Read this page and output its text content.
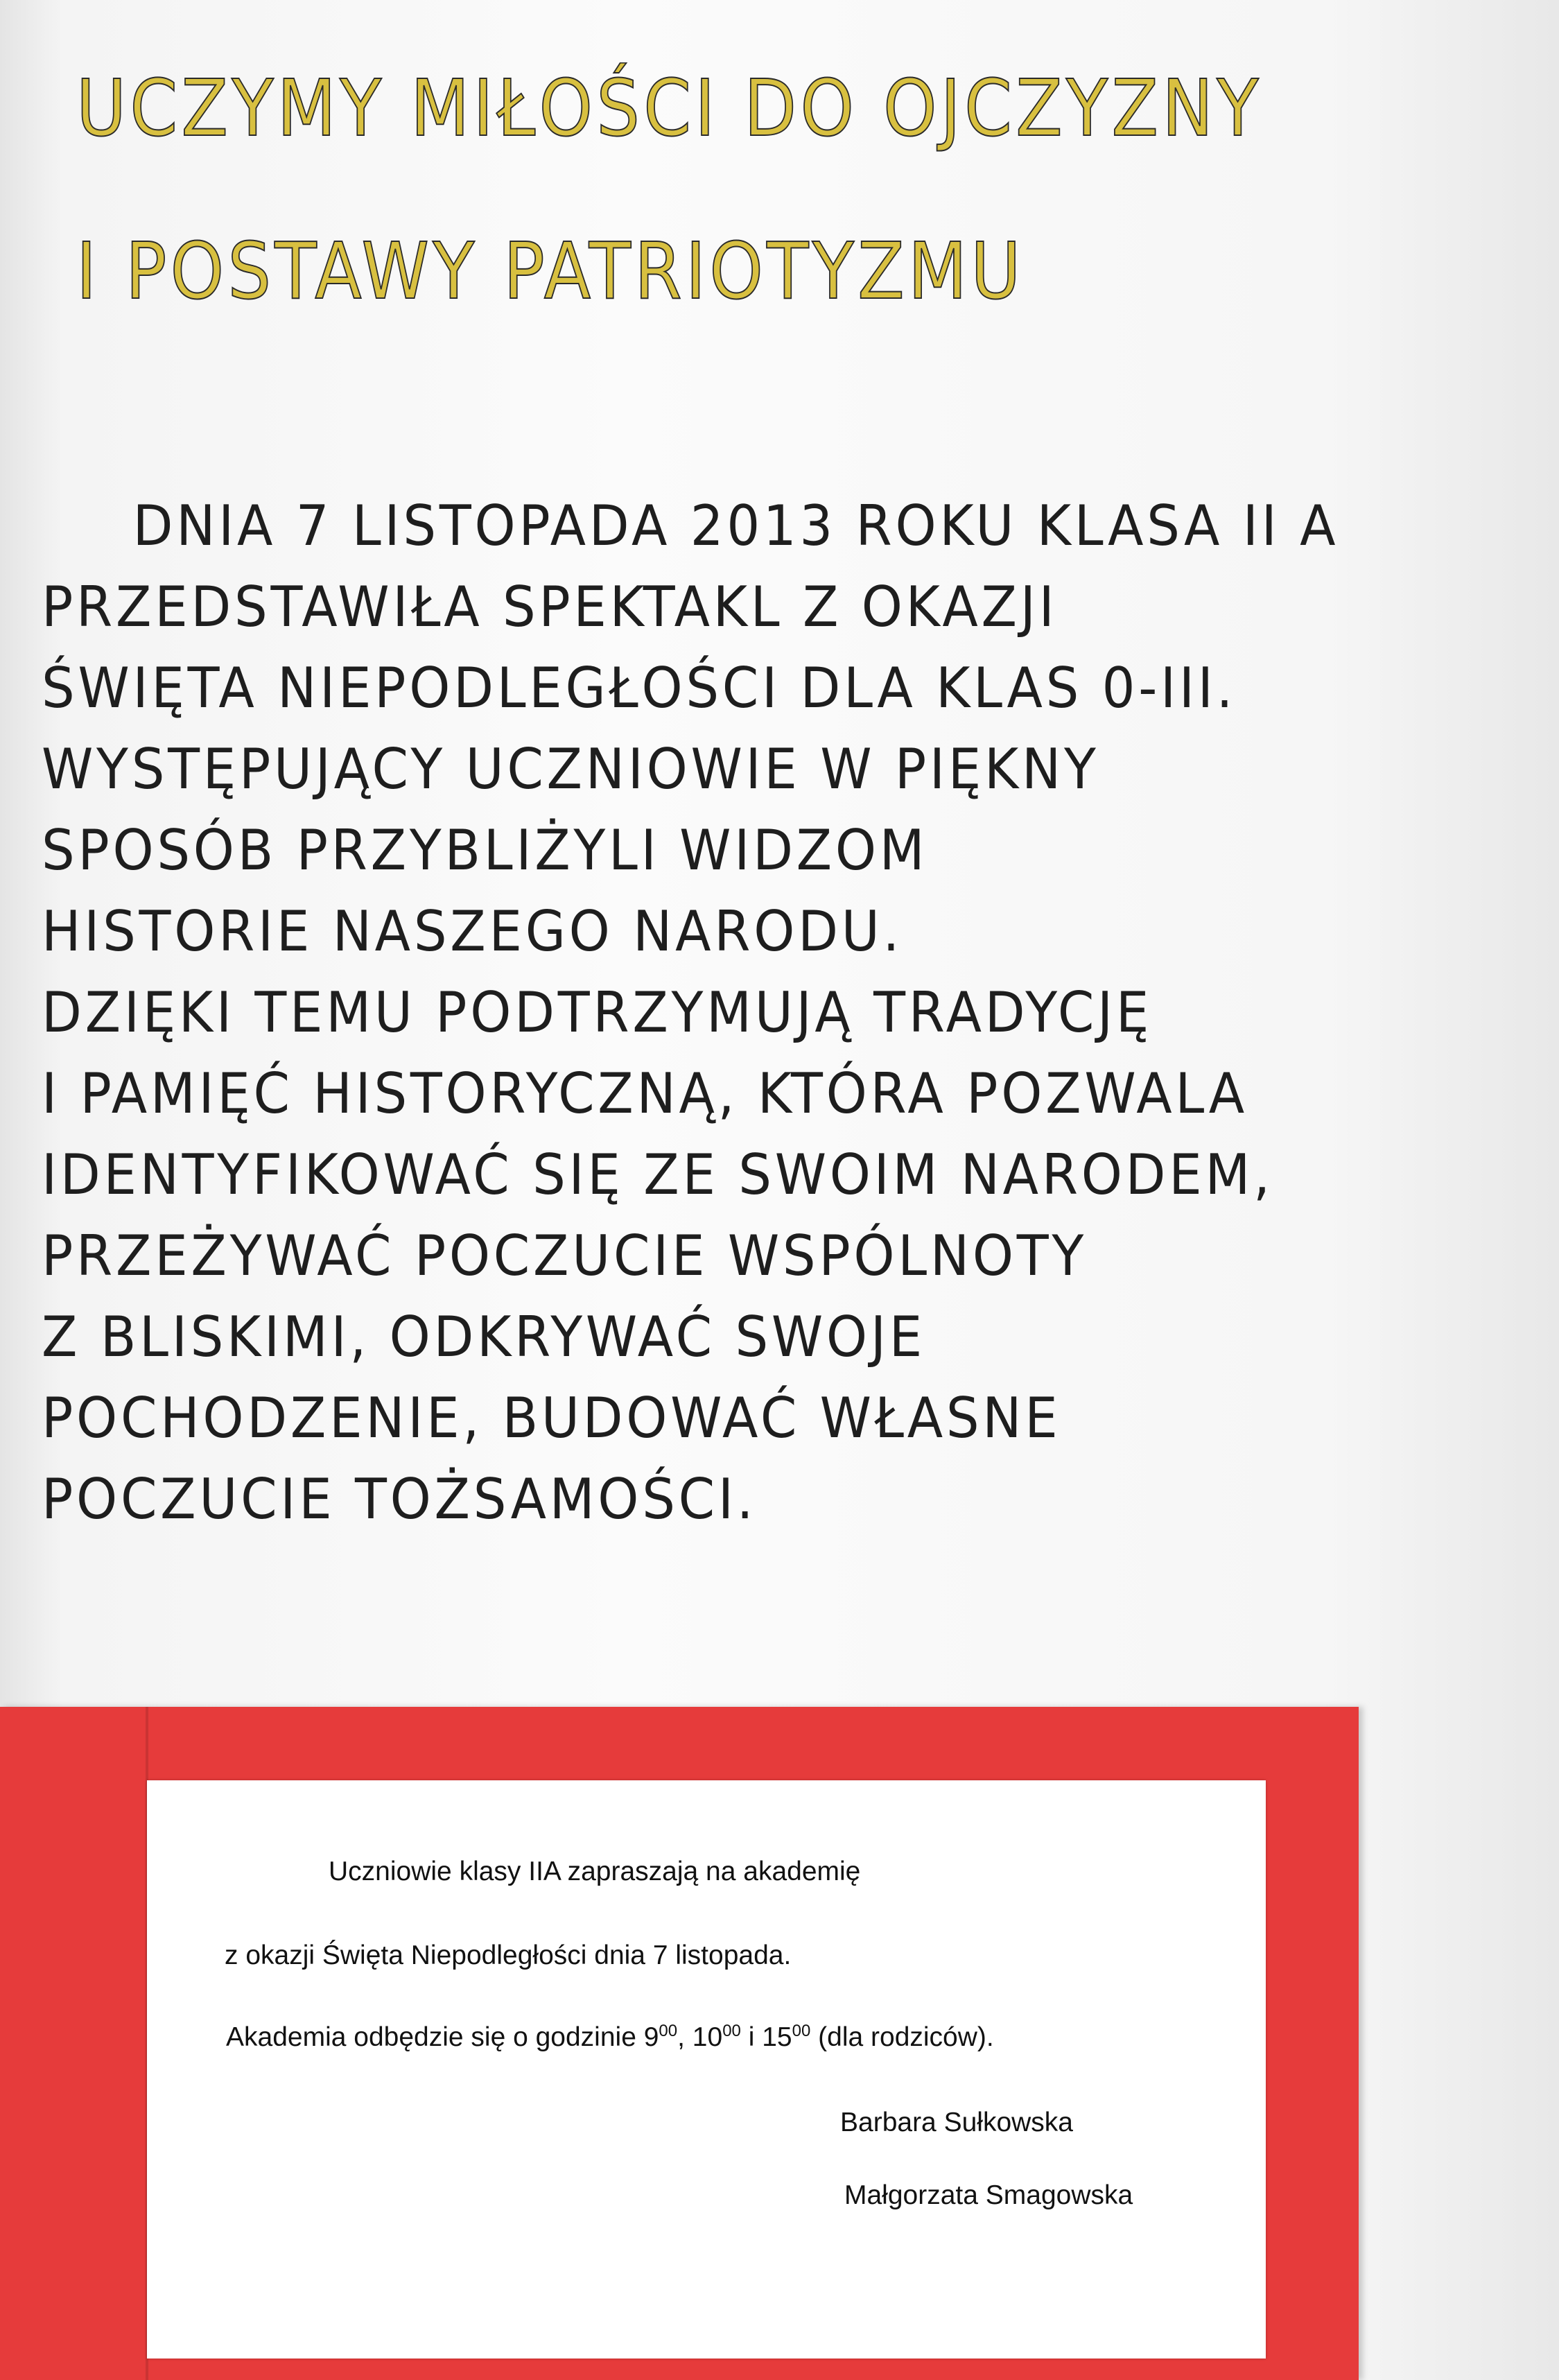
UCZYMY MIŁOŚCI DO OJCZYZNY
I POSTAWY PATRIOTYZMU
DNIA 7 LISTOPADA 2013 ROKU KLASA II A
PRZEDSTAWIŁA SPEKTAKL Z OKAZJI
ŚWIĘTA NIEPODLEGŁOŚCI DLA KLAS 0-III.
WYSTĘPUJĄCY UCZNIOWIE W PIĘKNY
SPOSÓB PRZYBLIŻYLI WIDZOM
HISTORIE NASZEGO NARODU.
DZIĘKI TEMU PODTRZYMUJĄ TRADYCJĘ
I PAMIĘĆ HISTORYCZNĄ, KTÓRA POZWALA
IDENTYFIKOWAĆ SIĘ ZE SWOIM NARODEM,
PRZEŻYWAĆ POCZUCIE WSPÓLNOTY
Z BLISKIMI, ODKRYWAĆ SWOJE
POCHODZENIE, BUDOWAĆ WŁASNE
POCZUCIE TOŻSAMOŚCI.
Uczniowie klasy IIA zapraszają na akademię
z okazji Święta Niepodległości dnia 7 listopada.
Akademia odbędzie się o godzinie $9^{00}$, $10^{00}$ i $15^{00}$ (dla rodziców).
Barbara Sułkowska
Małgorzata Smagowska
